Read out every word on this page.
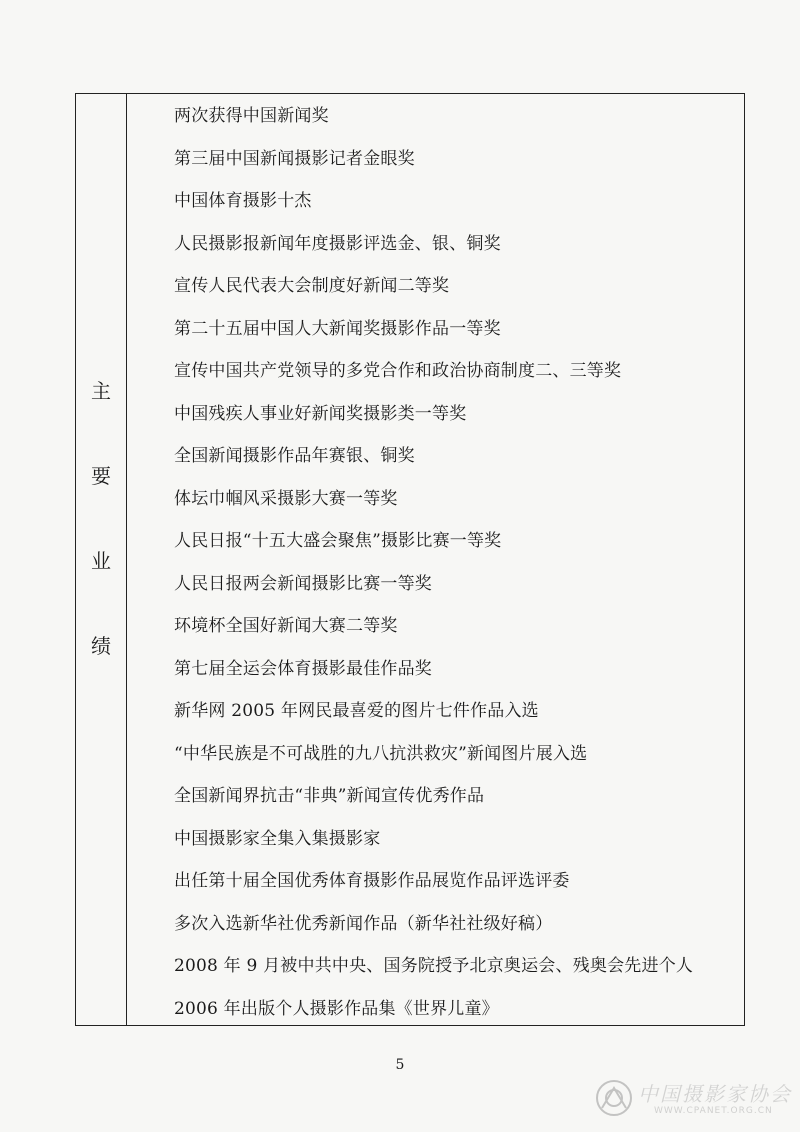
主
要
业
绩
两次获得中国新闻奖
第三届中国新闻摄影记者金眼奖
中国体育摄影十杰
人民摄影报新闻年度摄影评选金、银、铜奖
宣传人民代表大会制度好新闻二等奖
第二十五届中国人大新闻奖摄影作品一等奖
宣传中国共产党领导的多党合作和政治协商制度二、三等奖
中国残疾人事业好新闻奖摄影类一等奖
全国新闻摄影作品年赛银、铜奖
体坛巾帼风采摄影大赛一等奖
人民日报“十五大盛会聚焦”摄影比赛一等奖
人民日报两会新闻摄影比赛一等奖
环境杯全国好新闻大赛二等奖
第七届全运会体育摄影最佳作品奖
新华网 2005 年网民最喜爱的图片七件作品入选
“中华民族是不可战胜的九八抗洪救灾”新闻图片展入选
全国新闻界抗击“非典”新闻宣传优秀作品
中国摄影家全集入集摄影家
出任第十届全国优秀体育摄影作品展览作品评选评委
多次入选新华社优秀新闻作品（新华社社级好稿）
2008 年 9 月被中共中央、国务院授予北京奥运会、残奥会先进个人
2006 年出版个人摄影作品集《世界儿童》
5
中国摄影家协会
WWW.CPANET.ORG.CN
